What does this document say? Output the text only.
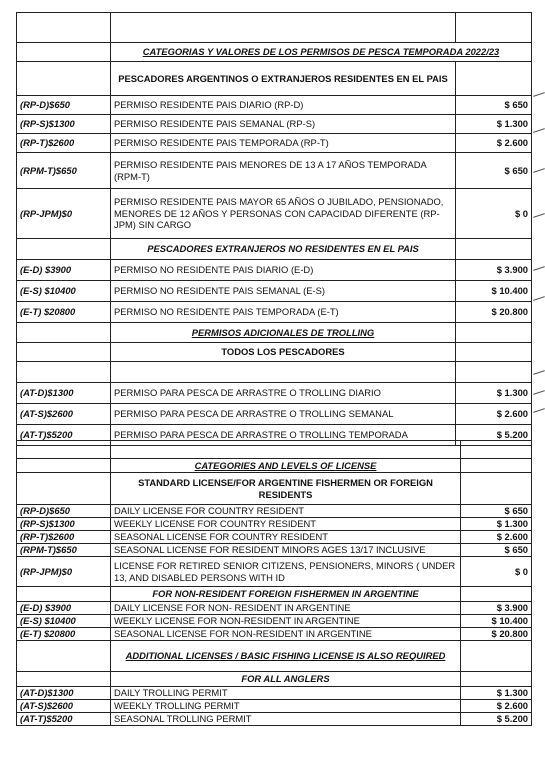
	CATEGORIAS Y VALORES DE LOS PERMISOS DE PESCA TEMPORADA 2022/23	
	PESCADORES ARGENTINOS O EXTRANJEROS RESIDENTES EN EL PAIS	
(RP-D)$650	PERMISO RESIDENTE PAIS DIARIO (RP-D)	$ 650
(RP-S)$1300	PERMISO RESIDENTE PAIS SEMANAL (RP-S)	$ 1.300
(RP-T)$2600	PERMISO RESIDENTE PAIS TEMPORADA (RP-T)	$ 2.600
(RPM-T)$650	PERMISO RESIDENTE PAIS MENORES DE 13 A 17 AÑOS TEMPORADA (RPM-T)	$ 650
(RP-JPM)$0	PERMISO RESIDENTE PAIS MAYOR 65 AÑOS O JUBILADO, PENSIONADO, MENORES DE 12 AÑOS Y PERSONAS CON CAPACIDAD DIFERENTE (RP-JPM) SIN CARGO	$ 0
	PESCADORES EXTRANJEROS NO RESIDENTES EN EL PAIS	
(E-D) $3900	PERMISO NO RESIDENTE PAIS DIARIO (E-D)	$ 3.900
(E-S) $10400	PERMISO NO RESIDENTE PAIS SEMANAL (E-S)	$ 10.400
(E-T) $20800	PERMISO NO RESIDENTE PAIS TEMPORADA (E-T)	$ 20.800
	PERMISOS ADICIONALES DE TROLLING	
	TODOS LOS PESCADORES	

(AT-D)$1300	PERMISO PARA PESCA DE ARRASTRE O TROLLING DIARIO	$ 1.300
(AT-S)$2600	PERMISO PARA PESCA DE ARRASTRE O TROLLING SEMANAL	$ 2.600
(AT-T)$5200	PERMISO PARA PESCA DE ARRASTRE O TROLLING TEMPORADA	$ 5.200

	CATEGORIES AND LEVELS OF LICENSE	
	STANDARD LICENSE/FOR ARGENTINE FISHERMEN OR FOREIGN RESIDENTS	
(RP-D)$650	DAILY LICENSE FOR COUNTRY RESIDENT	$ 650
(RP-S)$1300	WEEKLY LICENSE FOR COUNTRY RESIDENT	$ 1.300
(RP-T)$2600	SEASONAL LICENSE FOR COUNTRY RESIDENT	$ 2.600
(RPM-T)$650	SEASONAL LICENSE FOR RESIDENT MINORS AGES 13/17 INCLUSIVE	$ 650
(RP-JPM)$0	LICENSE FOR RETIRED SENIOR CITIZENS, PENSIONERS, MINORS ( UNDER 13, AND DISABLED PERSONS WITH ID	$ 0
	FOR NON-RESIDENT FOREIGN FISHERMEN IN ARGENTINE	
(E-D) $3900	DAILY LICENSE FOR NON- RESIDENT IN ARGENTINE	$ 3.900
(E-S) $10400	WEEKLY LICENSE FOR NON-RESIDENT IN ARGENTINE	$ 10.400
(E-T) $20800	SEASONAL LICENSE FOR NON-RESIDENT IN ARGENTINE	$ 20.800
	ADDITIONAL LICENSES / BASIC FISHING LICENSE IS ALSO REQUIRED	
	FOR ALL ANGLERS	
(AT-D)$1300	DAILY TROLLING PERMIT	$ 1.300
(AT-S)$2600	WEEKLY TROLLING PERMIT	$ 2.600
(AT-T)$5200	SEASONAL TROLLING PERMIT	$ 5.200
